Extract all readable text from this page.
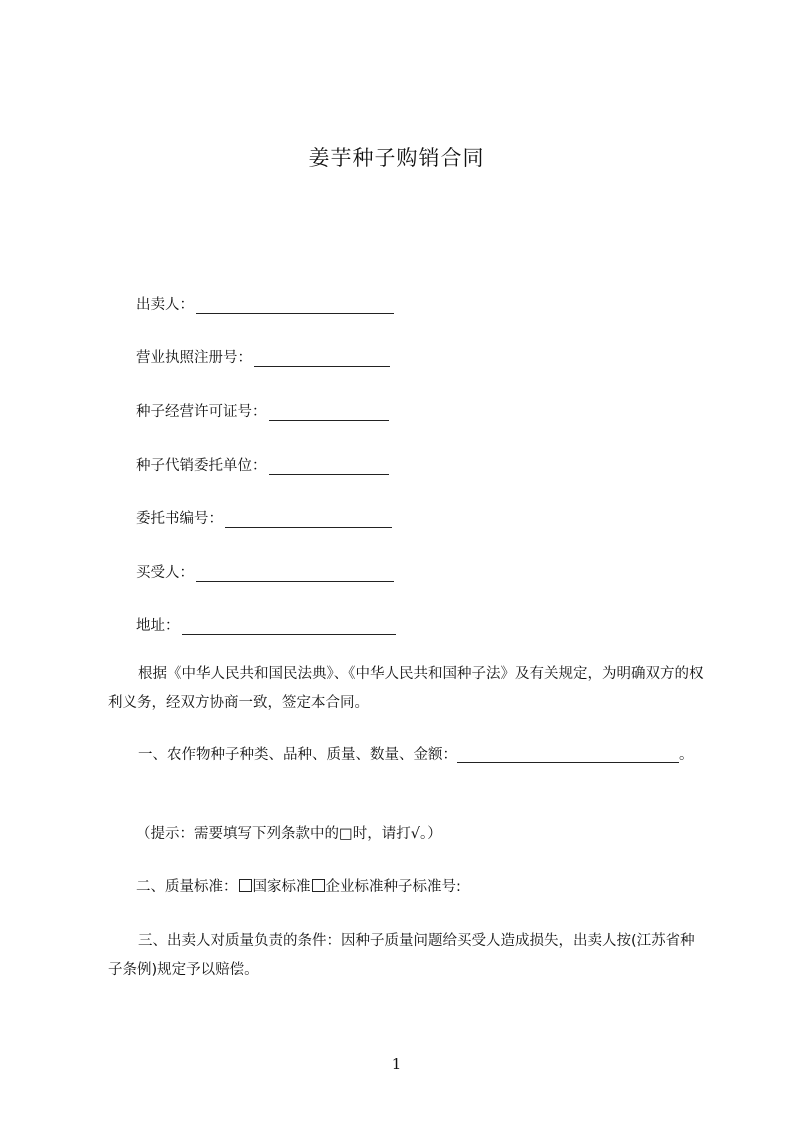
姜芋种子购销合同
出卖人：
营业执照注册号：
种子经营许可证号：
种子代销委托单位：
委托书编号：
买受人：
地址：
根据《中华人民共和国民法典》、《中华人民共和国种子法》及有关规定，为明确双方的权利义务，经双方协商一致，签定本合同。
一、农作物种子种类、品种、质量、数量、金额：	。
（提示：需要填写下列条款中的□时，请打√。）
二、质量标准： 国家标准 企业标准种子标准号:
三、出卖人对质量负责的条件：因种子质量问题给买受人造成损失，出卖人按(江苏省种子条例)规定予以赔偿。
1
